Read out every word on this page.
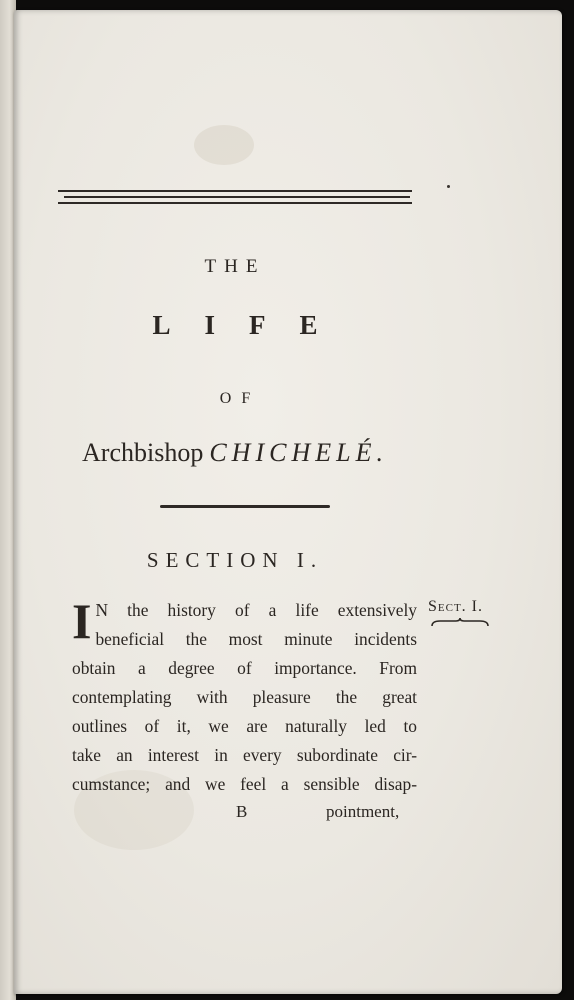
THE
LIFE
OF
Archbishop CHICHELÉ.
SECTION I.
I N the history of a life extensively
beneficial the most minute incidents
obtain a degree of importance. From
contemplating with pleasure the great
outlines of it, we are naturally led to
take an interest in every subordinate cir-
cumstance; and we feel a sensible disap-
Sect. I.
B	pointment,
